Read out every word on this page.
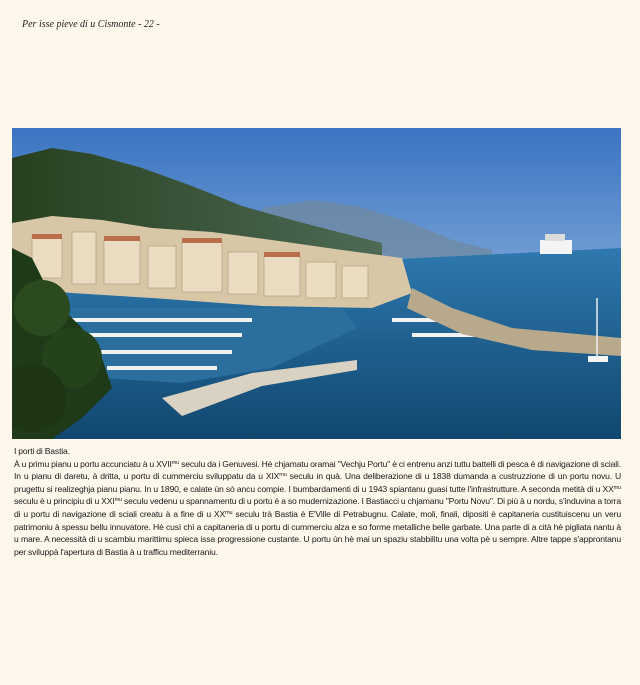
Per isse pieve di u Cismonte - 22 -

I porti di Bastia.

À u primu pianu u portu accunciatu à u $XVII^{mu}$ seculu da i Genuvesi. Hè chjamatu oramai "Vechju Portu" è ci entrenu anzi tuttu battelli di pesca è di navigazione di sciali. In u pianu di daretu, à dritta, u portu di cummerciu sviluppatu da u $XIX^{mu}$ seculu in quà. Una deliberazione di u 1838 dumanda a custruzzione di un portu novu. U prugettu si realizeghja pianu pianu. In u 1890, e calate ùn sò ancu compie. I bumbardamenti di u 1943 spiantanu guasi tutte l'infrastrutture. A seconda metità di u $XX^{mu}$ seculu è u principiu di u $XXI^{mu}$ seculu vedenu u spannamentu di u portu è a so mudernizazione. I Bastiacci u chjamanu "Portu Novu". Di più à u nordu, s'induvina a torra di u portu di navigazione di sciali creatu à a fine di u $XX^{mu}$ seculu trà Bastia è E'Ville di Petrabugnu. Calate, moli, finali, dipositi è capitaneria custituiscenu un veru patrimoniu à spessu bellu innuvatore. Hè cusì chì a capitaneria di u portu di cummerciu alza e so forme metalliche belle garbate. Una parte di a cità hè pigliata nantu à u mare. A necessità di u scambiu marittimu spieca issa progressione custante. U portu ùn hè mai un spaziu stabbilitu una volta pè u sempre. Altre tappe s'approntanu per sviluppà l'apertura di Bastia à u trafficu mediterraniu.
